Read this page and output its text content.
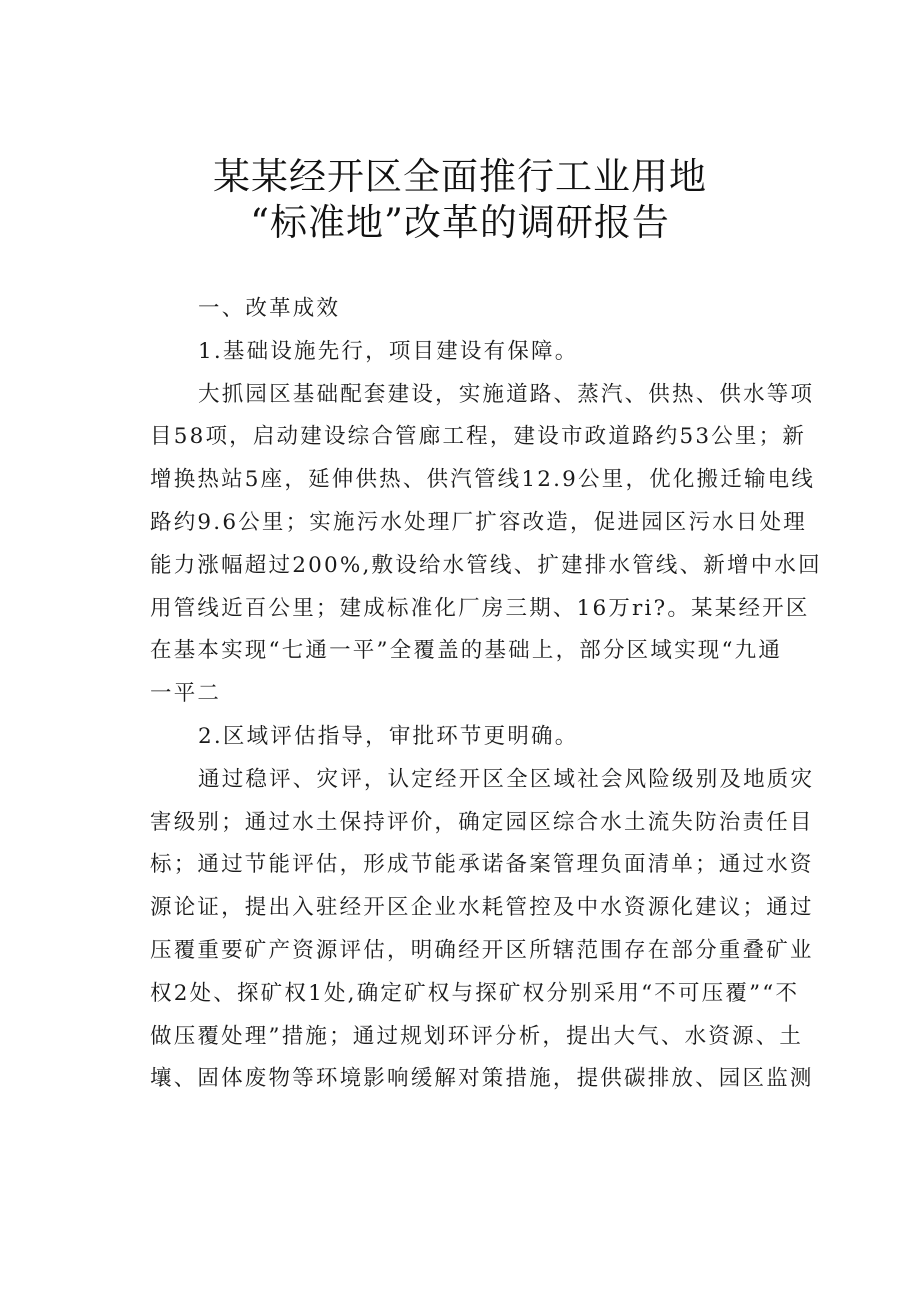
某某经开区全面推行工业用地
“标准地”改革的调研报告
一、改革成效
1.基础设施先行，项目建设有保障。
大抓园区基础配套建设，实施道路、蒸汽、供热、供水等项
目58项，启动建设综合管廊工程，建设市政道路约53公里；新
增换热站5座，延伸供热、供汽管线12.9公里，优化搬迁输电线
路约9.6公里；实施污水处理厂扩容改造，促进园区污水日处理
能力涨幅超过200%,敷设给水管线、扩建排水管线、新增中水回
用管线近百公里；建成标准化厂房三期、16万ri?。某某经开区
在基本实现“七通一平”全覆盖的基础上，部分区域实现“九通
一平二
2.区域评估指导，审批环节更明确。
通过稳评、灾评，认定经开区全区域社会风险级别及地质灾
害级别；通过水土保持评价，确定园区综合水土流失防治责任目
标；通过节能评估，形成节能承诺备案管理负面清单；通过水资
源论证，提出入驻经开区企业水耗管控及中水资源化建议；通过
压覆重要矿产资源评估，明确经开区所辖范围存在部分重叠矿业
权2处、探矿权1处,确定矿权与探矿权分别采用“不可压覆”“不
做压覆处理”措施；通过规划环评分析，提出大气、水资源、土
壤、固体废物等环境影响缓解对策措施，提供碳排放、园区监测
